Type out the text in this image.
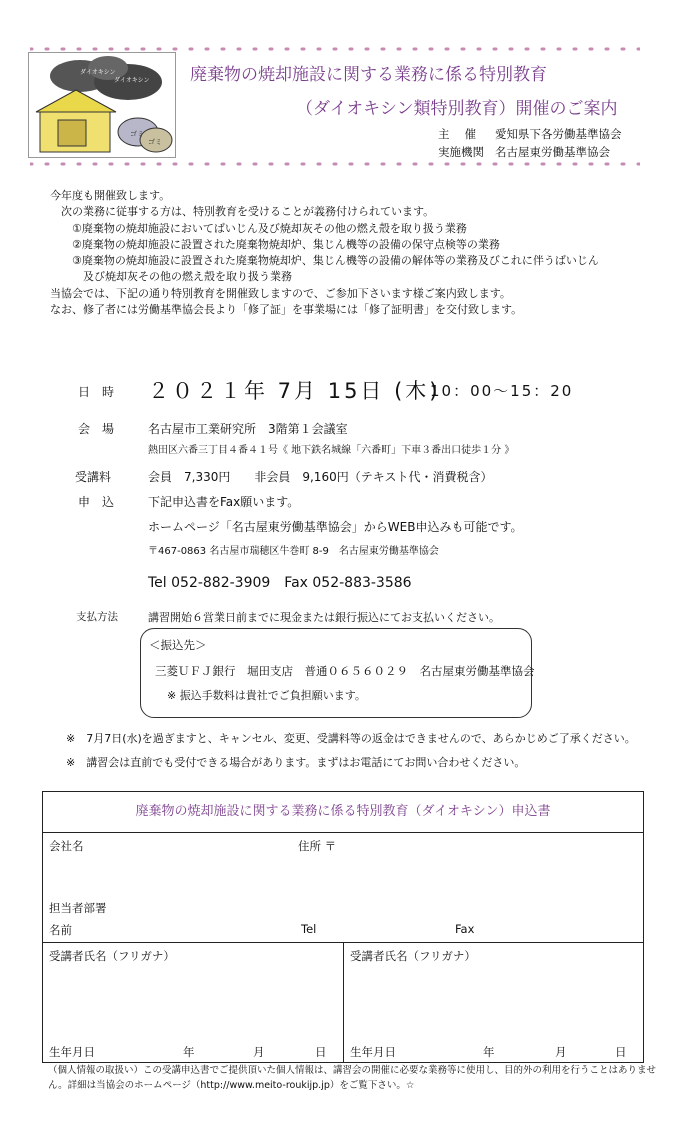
ダイオキシン
ダイオキシン
ゴミ
ゴミ
廃棄物の焼却施設に関する業務に係る特別教育
（ダイオキシン類特別教育）開催のご案内
主　 催 愛知県下各労働基準協会
実施機関 名古屋東労働基準協会
今年度も開催致します。
　次の業務に従事する方は、特別教育を受けることが義務付けられています。
　　①廃棄物の焼却施設においてばいじん及び焼却灰その他の燃え殻を取り扱う業務
　　②廃棄物の焼却施設に設置された廃棄物焼却炉、集じん機等の設備の保守点検等の業務
　　③廃棄物の焼却施設に設置された廃棄物焼却炉、集じん機等の設備の解体等の業務及びこれに伴うばいじん
　　　及び焼却灰その他の燃え殻を取り扱う業務
当協会では、下記の通り特別教育を開催致しますので、ご参加下さいます様ご案内致します。
なお、修了者には労働基準協会長より「修了証」を事業場には「修了証明書」を交付致します。
日　時 ２０２１年 7月 15日 (木)
10：00～15：20
会　場	名古屋市工業研究所　3階第１会議室
熱田区六番三丁目４番４１号《 地下鉄名城線「六番町」下車３番出口徒歩１分 》
受講料	会員　7,330円　　非会員　9,160円（テキスト代・消費税含）
申　込	下記申込書をFax願います。
ホームページ「名古屋東労働基準協会」からWEB申込みも可能です。
〒467-0863 名古屋市瑞穂区牛巻町 8-9　名古屋東労働基準協会
Tel 052-882-3909　Fax 052-883-3586
支払方法	講習開始６営業日前までに現金または銀行振込にてお支払いください。
＜振込先＞
三菱ＵＦＪ銀行　堀田支店　普通０６５６０２９　名古屋東労働基準協会
※ 振込手数料は貴社でご負担願います。
※　7月7日(水)を過ぎますと、キャンセル、変更、受講料等の返金はできませんので、あらかじめご了承ください。
※　講習会は直前でも受付できる場合があります。まずはお電話にてお問い合わせください。
廃棄物の焼却施設に関する業務に係る特別教育（ダイオキシン）申込書
会社名	住所 〒
担当者部署
名前	Tel	Fax
受講者氏名（フリガナ）	受講者氏名（フリガナ）
生年月日	年	月	日 生年月日	年	月	日
（個人情報の取扱い）この受講申込書でご提供頂いた個人情報は、講習会の開催に必要な業務等に使用し、目的外の利用を行うことはありませ
ん。詳細は当協会のホームページ（http://www.meito-roukijp.jp）をご覧下さい。☆
